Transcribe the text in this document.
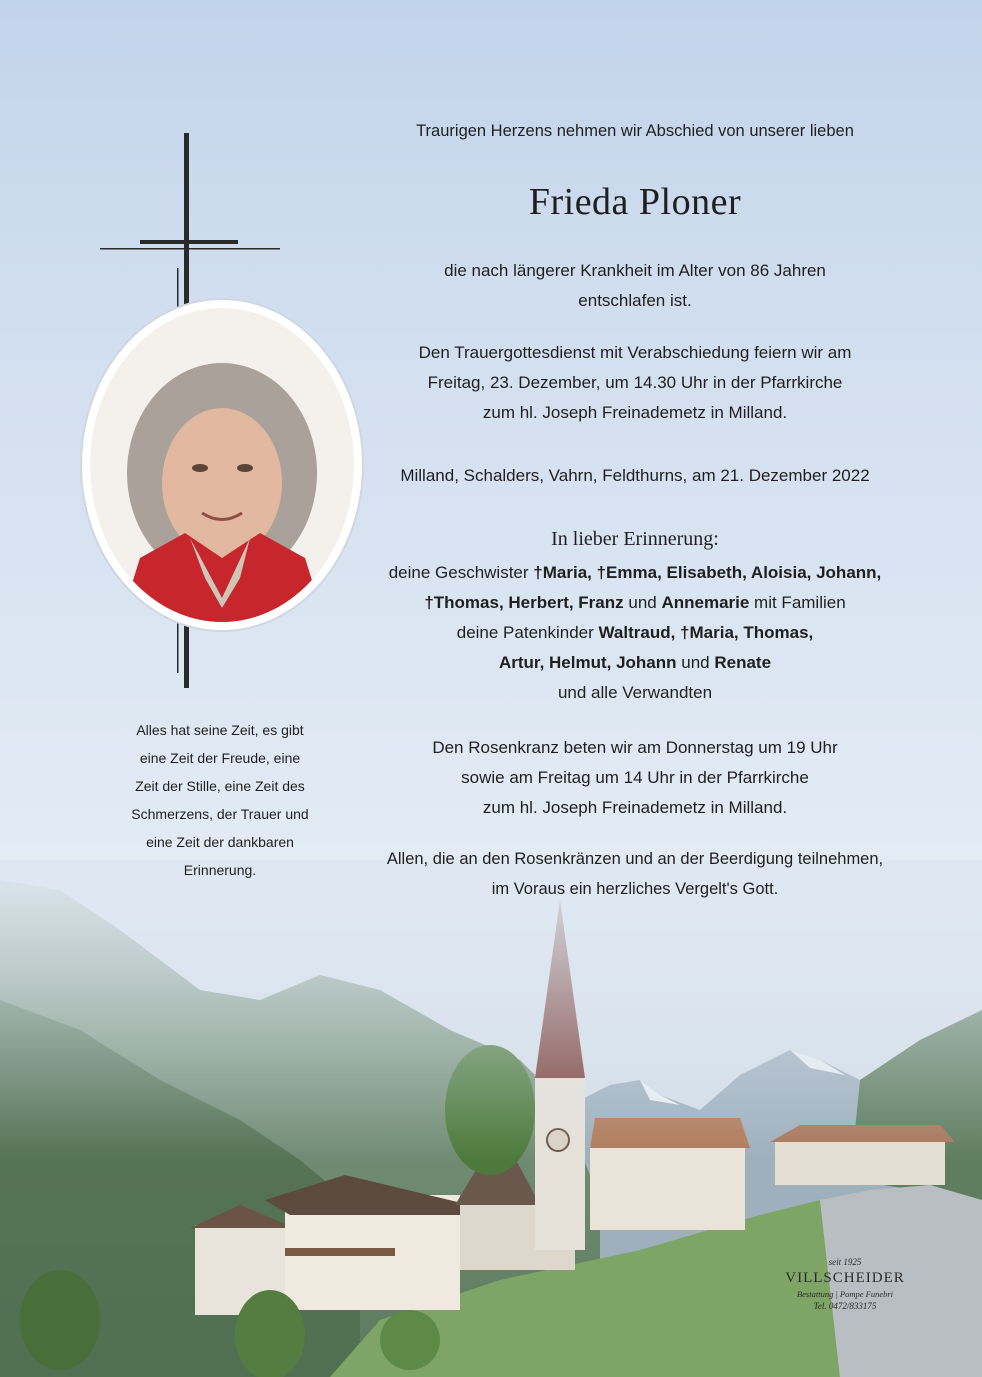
Traurigen Herzens nehmen wir Abschied von unserer lieben
Frieda Ploner
die nach längerer Krankheit im Alter von 86 Jahren
entschlafen ist.
Den Trauergottesdienst mit Verabschiedung feiern wir am
Freitag, 23. Dezember, um 14.30 Uhr in der Pfarrkirche
zum hl. Joseph Freinademetz in Milland.
Milland, Schalders, Vahrn, Feldthurns, am 21. Dezember 2022
In lieber Erinnerung:
deine Geschwister †Maria, †Emma, Elisabeth, Aloisia, Johann,
†Thomas, Herbert, Franz und Annemarie mit Familien
deine Patenkinder Waltraud, †Maria, Thomas,
Artur, Helmut, Johann und Renate
und alle Verwandten
Den Rosenkranz beten wir am Donnerstag um 19 Uhr
sowie am Freitag um 14 Uhr in der Pfarrkirche
zum hl. Joseph Freinademetz in Milland.
Allen, die an den Rosenkränzen und an der Beerdigung teilnehmen,
im Voraus ein herzliches Vergelt's Gott.
Alles hat seine Zeit, es gibt
eine Zeit der Freude, eine
Zeit der Stille, eine Zeit des
Schmerzens, der Trauer und
eine Zeit der dankbaren
Erinnerung.
seit 1925
VILLSCHEIDER
Bestattung | Pompe Funebri
Tel. 0472/833175
